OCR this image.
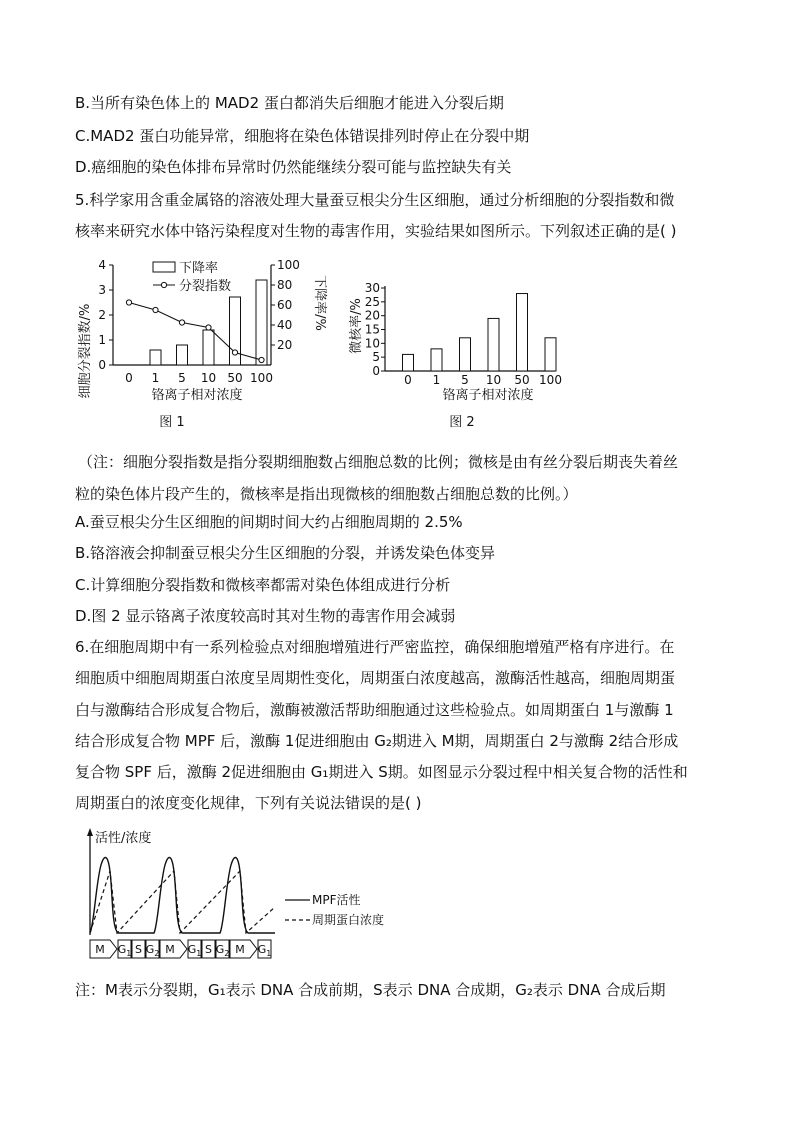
B.当所有染色体上的 MAD2 蛋白都消失后细胞才能进入分裂后期
C.MAD2 蛋白功能异常，细胞将在染色体错误排列时停止在分裂中期
D.癌细胞的染色体排布异常时仍然能继续分裂可能与监控缺失有关
5.科学家用含重金属铬的溶液处理大量蚕豆根尖分生区细胞，通过分析细胞的分裂指数和微
核率来研究水体中铬污染程度对生物的毒害作用，实验结果如图所示。下列叙述正确的是( )
细胞分裂指数/%
下降率/%
0
1
2
3
4
20
40
60
80
100
0 1 5 10 50 100
铬离子相对浓度
下降率
分裂指数
图 1
微核率/%
0
5
10
15
20
25
30
0 1 5 10 50 100
铬离子相对浓度
图 2
（注：细胞分裂指数是指分裂期细胞数占细胞总数的比例；微核是由有丝分裂后期丧失着丝
粒的染色体片段产生的，微核率是指出现微核的细胞数占细胞总数的比例。）
A.蚕豆根尖分生区细胞的间期时间大约占细胞周期的 2.5%
B.铬溶液会抑制蚕豆根尖分生区细胞的分裂，并诱发染色体变异
C.计算细胞分裂指数和微核率都需对染色体组成进行分析
D.图 2 显示铬离子浓度较高时其对生物的毒害作用会减弱
6.在细胞周期中有一系列检验点对细胞增殖进行严密监控，确保细胞增殖严格有序进行。在
细胞质中细胞周期蛋白浓度呈周期性变化，周期蛋白浓度越高，激酶活性越高，细胞周期蛋
白与激酶结合形成复合物后，激酶被激活帮助细胞通过这些检验点。如周期蛋白 1与激酶 1
结合形成复合物 MPF 后，激酶 1促进细胞由 G₂期进入 M期，周期蛋白 2与激酶 2结合形成
复合物 SPF 后，激酶 2促进细胞由 G₁期进入 S期。如图显示分裂过程中相关复合物的活性和
周期蛋白的浓度变化规律，下列有关说法错误的是( )
活性/浓度
MPF活性
周期蛋白浓度
M $G_1$ S $G_2$ M $G_1$ S $G_2$ M $G_1$
注：M表示分裂期，G₁表示 DNA 合成前期，S表示 DNA 合成期，G₂表示 DNA 合成后期
